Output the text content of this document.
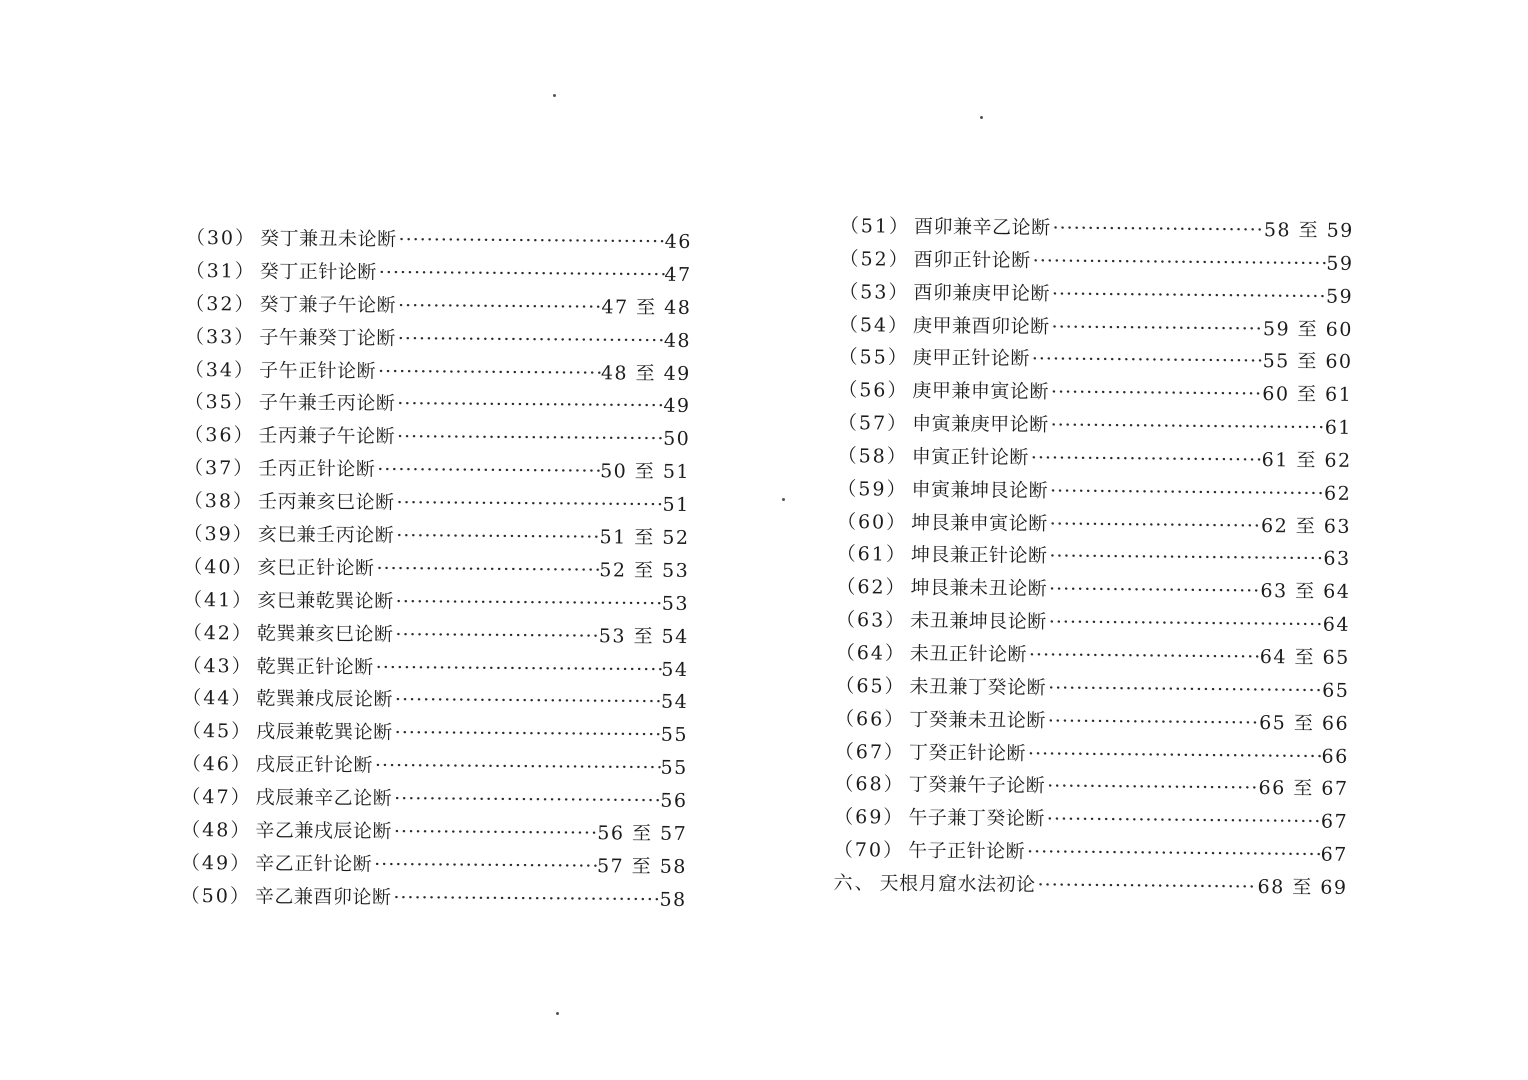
（30） 癸丁兼丑未论断 ·····	46
（31） 癸丁正针论断 ·····	47
（32） 癸丁兼子午论断 ·····	47 至 48
（33） 子午兼癸丁论断 ·····	48
（34） 子午正针论断 ·····	48 至 49
（35） 子午兼壬丙论断 ·····	49
（36） 壬丙兼子午论断 ·····	50
（37） 壬丙正针论断 ·····	50 至 51
（38） 壬丙兼亥巳论断 ·····	51
（39） 亥巳兼壬丙论断 ·····	51 至 52
（40） 亥巳正针论断 ·····	52 至 53
（41） 亥巳兼乾巽论断 ·····	53
（42） 乾巽兼亥巳论断 ·····	53 至 54
（43） 乾巽正针论断 ·····	54
（44） 乾巽兼戌辰论断 ·····	54
（45） 戌辰兼乾巽论断 ·····	55
（46） 戌辰正针论断 ·····	55
（47） 戌辰兼辛乙论断 ·····	56
（48） 辛乙兼戌辰论断 ·····	56 至 57
（49） 辛乙正针论断 ·····	57 至 58
（50） 辛乙兼酉卯论断 ·····	58
（51） 酉卯兼辛乙论断 ·····	58 至 59
（52） 酉卯正针论断 ·····	59
（53） 酉卯兼庚甲论断 ·····	59
（54） 庚甲兼酉卯论断 ·····	59 至 60
（55） 庚甲正针论断 ·····	55 至 60
（56） 庚甲兼申寅论断 ·····	60 至 61
（57） 申寅兼庚甲论断 ·····	61
（58） 申寅正针论断 ·····	61 至 62
（59） 申寅兼坤艮论断 ·····	62
（60） 坤艮兼申寅论断 ·····	62 至 63
（61） 坤艮兼正针论断 ·····	63
（62） 坤艮兼未丑论断 ·····	63 至 64
（63） 未丑兼坤艮论断 ·····	64
（64） 未丑正针论断 ·····	64 至 65
（65） 未丑兼丁癸论断 ·····	65
（66） 丁癸兼未丑论断 ·····	65 至 66
（67） 丁癸正针论断 ·····	66
（68） 丁癸兼午子论断 ·····	66 至 67
（69） 午子兼丁癸论断 ·····	67
（70） 午子正针论断 ·····	67
六、 天根月窟水法初论 ·····	68 至 69
